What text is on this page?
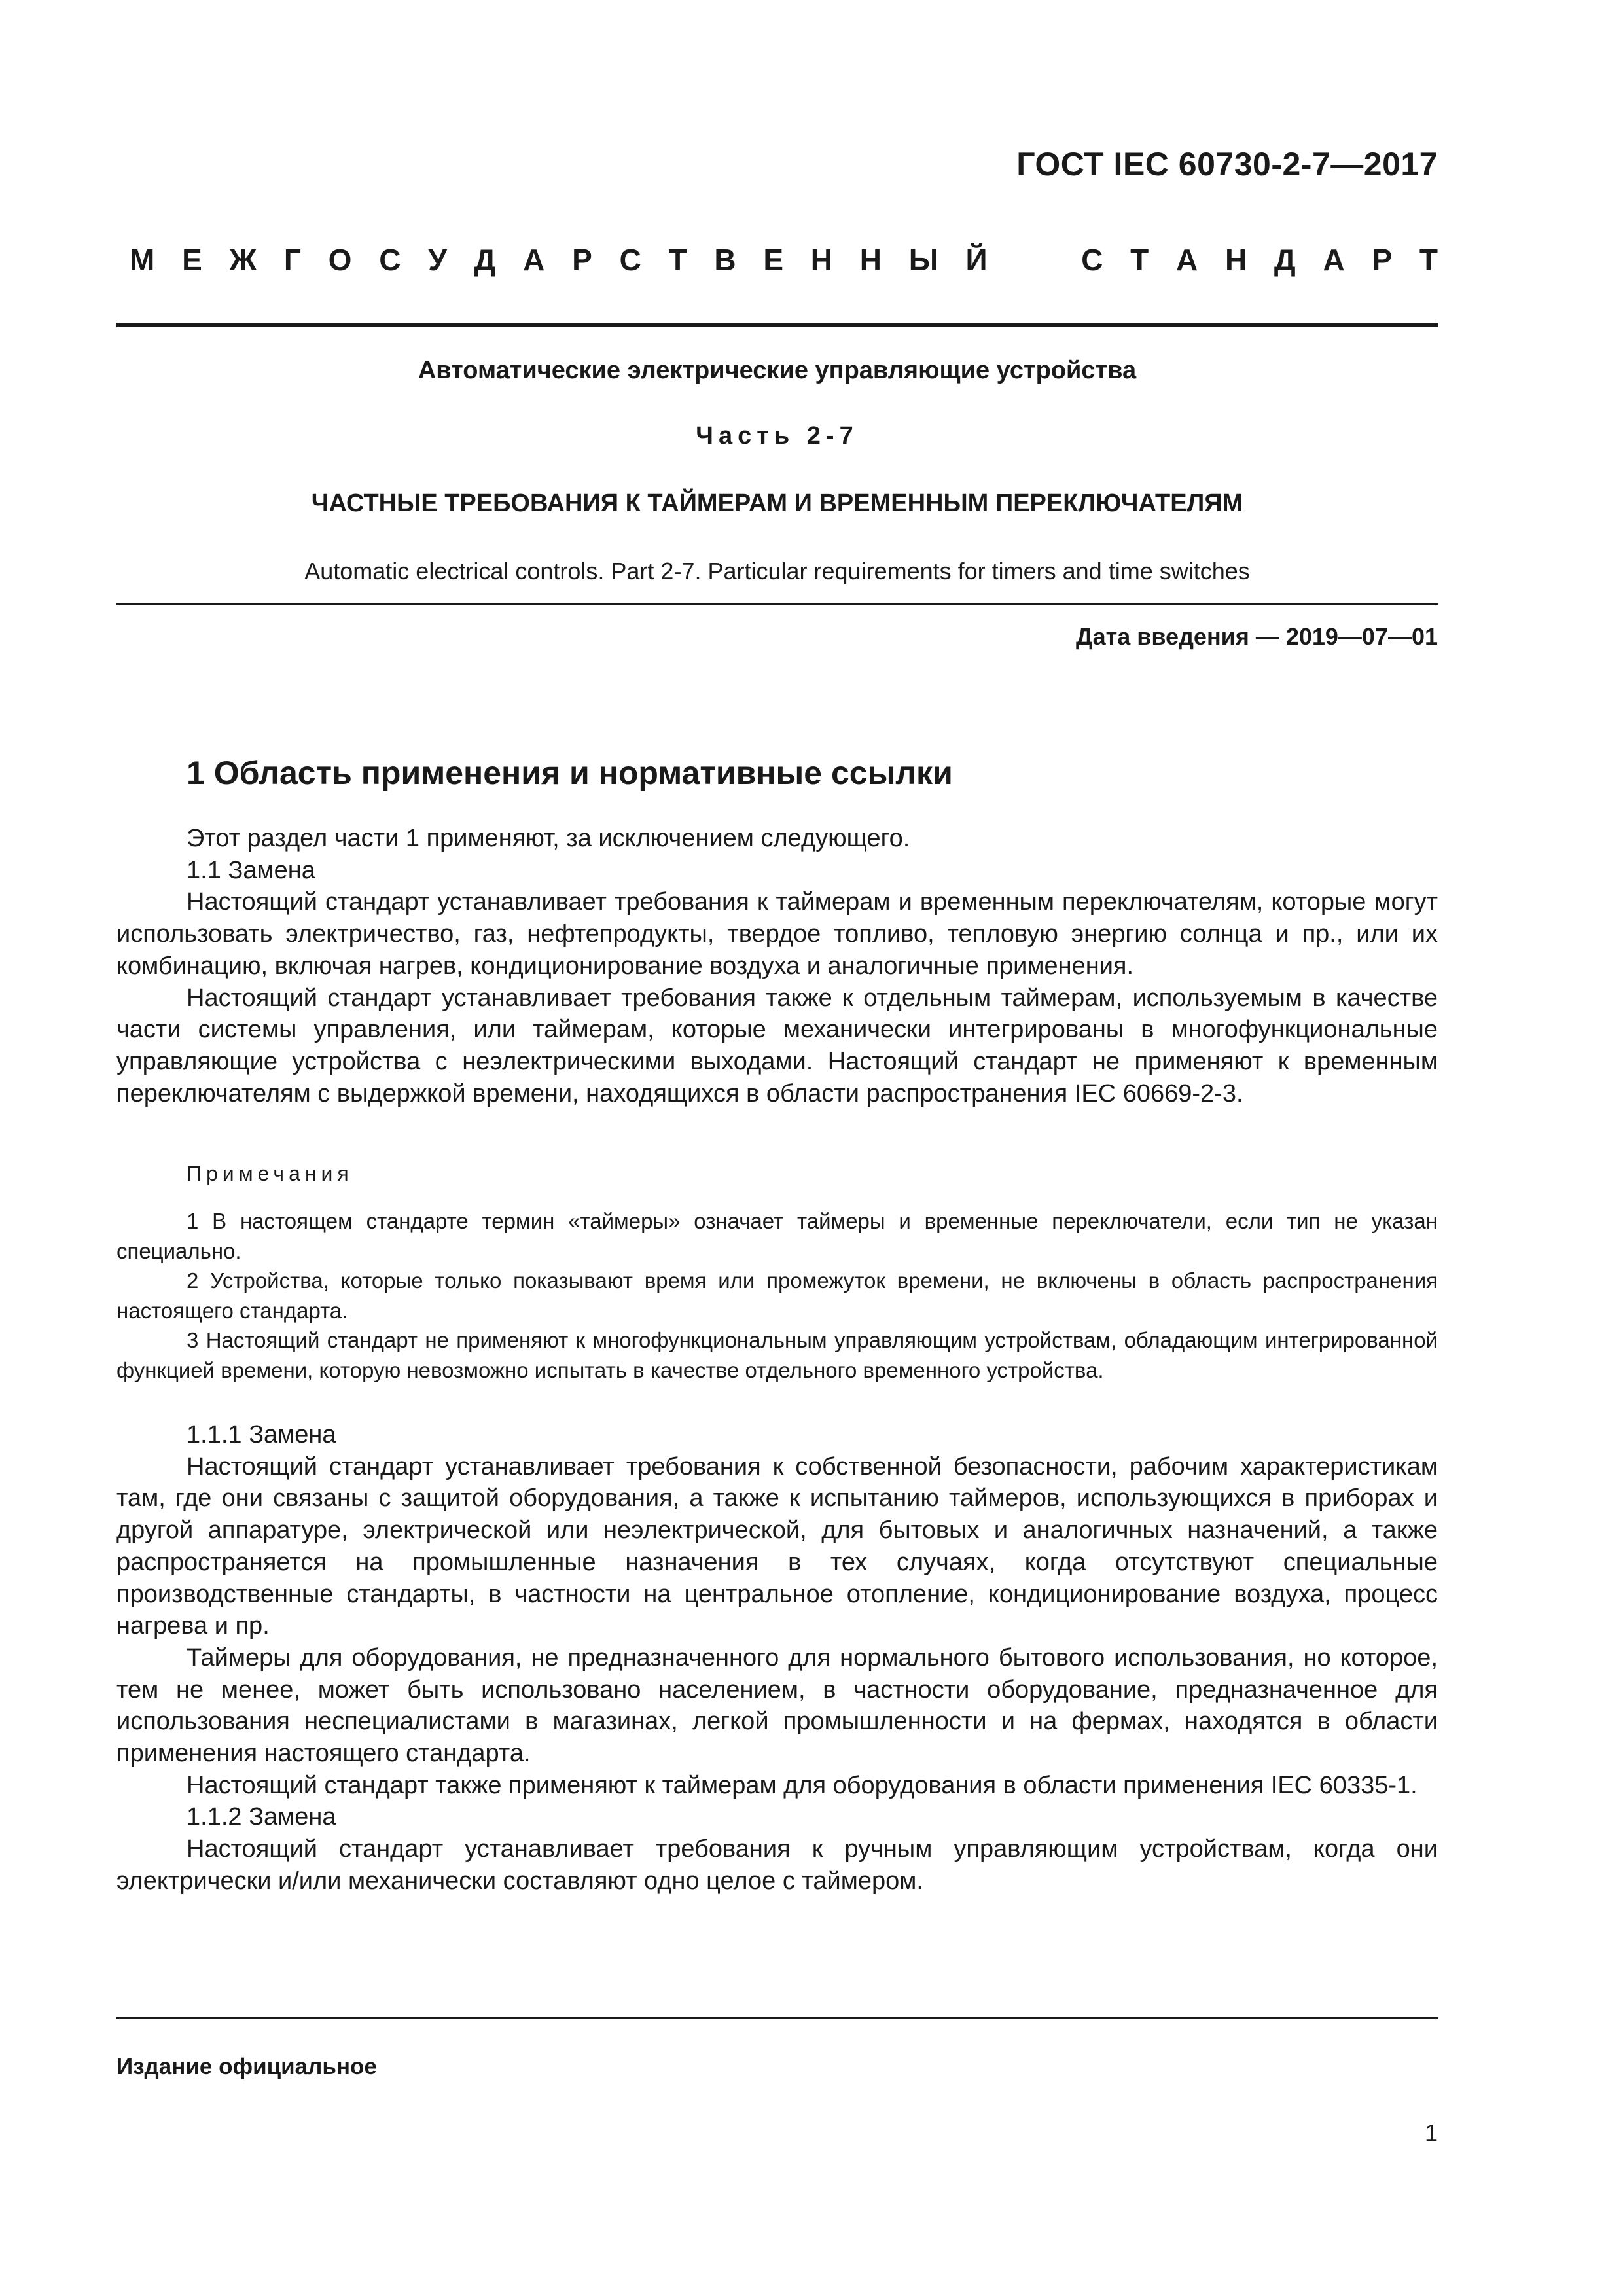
ГОСТ IEC 60730-2-7—2017
М Е Ж Г О С У Д А Р С Т В Е Н Н Ы Й	С Т А Н Д А Р Т
Автоматические электрические управляющие устройства
Часть 2-7
ЧАСТНЫЕ ТРЕБОВАНИЯ К ТАЙМЕРАМ И ВРЕМЕННЫМ ПЕРЕКЛЮЧАТЕЛЯМ
Automatic electrical controls. Part 2-7. Particular requirements for timers and time switches
Дата введения — 2019—07—01
1 Область применения и нормативные ссылки

Этот раздел части 1 применяют, за исключением следующего.

1.1 Замена

Настоящий стандарт устанавливает требования к таймерам и временным переключателям, которые могут использовать электричество, газ, нефтепродукты, твердое топливо, тепловую энергию солнца и пр., или их комбинацию, включая нагрев, кондиционирование воздуха и аналогичные применения.

Настоящий стандарт устанавливает требования также к отдельным таймерам, используемым в качестве части системы управления, или таймерам, которые механически интегрированы в многофункциональные управляющие устройства с неэлектрическими выходами. Настоящий стандарт не применяют к временным переключателям с выдержкой времени, находящихся в области распространения IEC 60669-2-3.

Примечания

1 В настоящем стандарте термин «таймеры» означает таймеры и временные переключатели, если тип не указан специально.

2 Устройства, которые только показывают время или промежуток времени, не включены в область распространения настоящего стандарта.

3 Настоящий стандарт не применяют к многофункциональным управляющим устройствам, обладающим интегрированной функцией времени, которую невозможно испытать в качестве отдельного временного устройства.

1.1.1 Замена

Настоящий стандарт устанавливает требования к собственной безопасности, рабочим характеристикам там, где они связаны с защитой оборудования, а также к испытанию таймеров, использующихся в приборах и другой аппаратуре, электрической или неэлектрической, для бытовых и аналогичных назначений, а также распространяется на промышленные назначения в тех случаях, когда отсутствуют специальные производственные стандарты, в частности на центральное отопление, кондиционирование воздуха, процесс нагрева и пр.

Таймеры для оборудования, не предназначенного для нормального бытового использования, но которое, тем не менее, может быть использовано населением, в частности оборудование, предназначенное для использования неспециалистами в магазинах, легкой промышленности и на фермах, находятся в области применения настоящего стандарта.

Настоящий стандарт также применяют к таймерам для оборудования в области применения IEC 60335-1.

1.1.2 Замена

Настоящий стандарт устанавливает требования к ручным управляющим устройствам, когда они электрически и/или механически составляют одно целое с таймером.

Издание официальное
1
